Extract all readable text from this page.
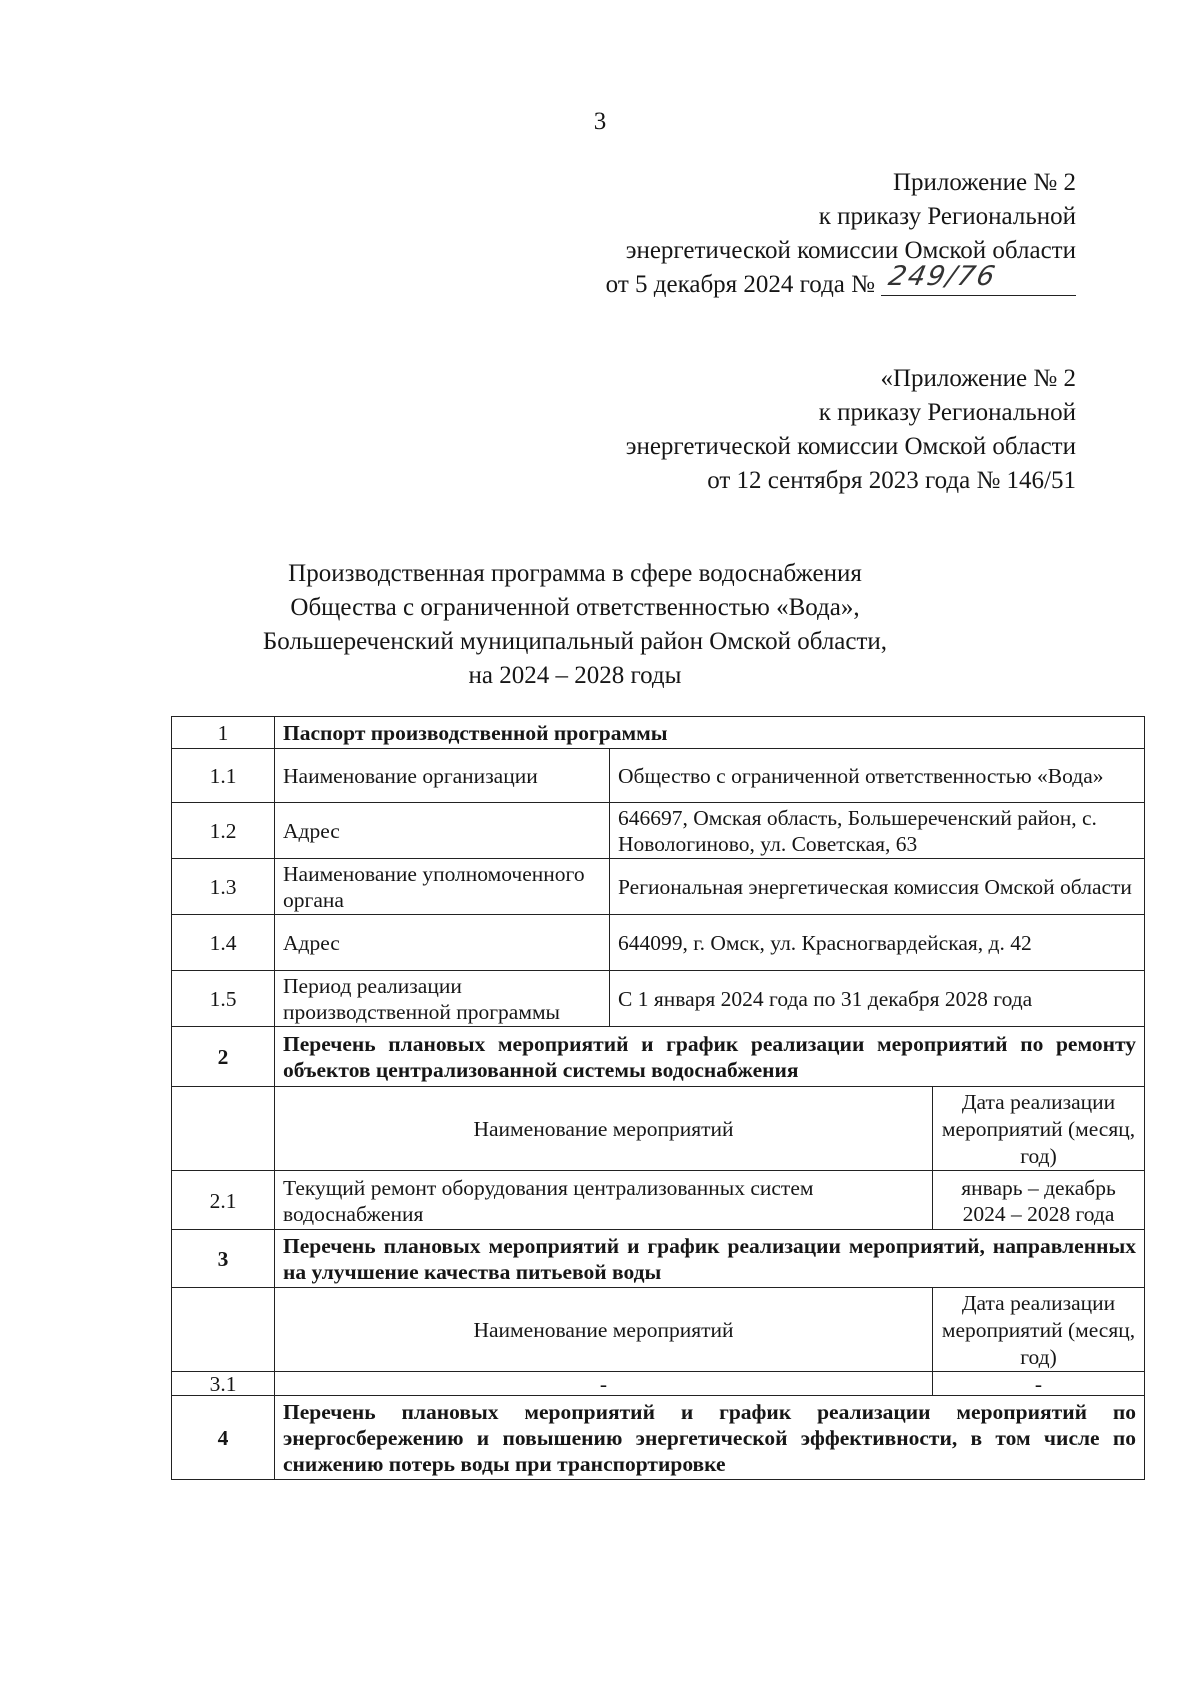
3
Приложение № 2
к приказу Региональной
энергетической комиссии Омской области
от 5 декабря 2024 года № 249/76
«Приложение № 2
к приказу Региональной
энергетической комиссии Омской области
от 12 сентября 2023 года № 146/51
Производственная программа в сфере водоснабжения
Общества с ограниченной ответственностью «Вода»,
Большереченский муниципальный район Омской области,
на 2024 – 2028 годы
1	Паспорт производственной программы		
1.1	Наименование организации	Общество с ограниченной ответственностью «Вода»	
1.2	Адрес	646697, Омская область, Большереченский район, с. Новологиново, ул. Советская, 63	
1.3	Наименование уполномоченного органа	Региональная энергетическая комиссия Омской области	
1.4	Адрес	644099, г. Омск, ул. Красногвардейская, д. 42	
1.5	Период реализации производственной программы	С 1 января 2024 года по 31 декабря 2028 года	
2	Перечень плановых мероприятий и график реализации мероприятий по ремонту объектов централизованной системы водоснабжения		
	Наименование мероприятий		Дата реализации мероприятий (месяц, год)
2.1	Текущий ремонт оборудования централизованных систем водоснабжения		январь – декабрь 2024 – 2028 года
3	Перечень плановых мероприятий и график реализации мероприятий, направленных на улучшение качества питьевой воды		
	Наименование мероприятий		Дата реализации мероприятий (месяц, год)
3.1	-		-
4	Перечень плановых мероприятий и график реализации мероприятий по энергосбережению и повышению энергетической эффективности, в том числе по снижению потерь воды при транспортировке		
